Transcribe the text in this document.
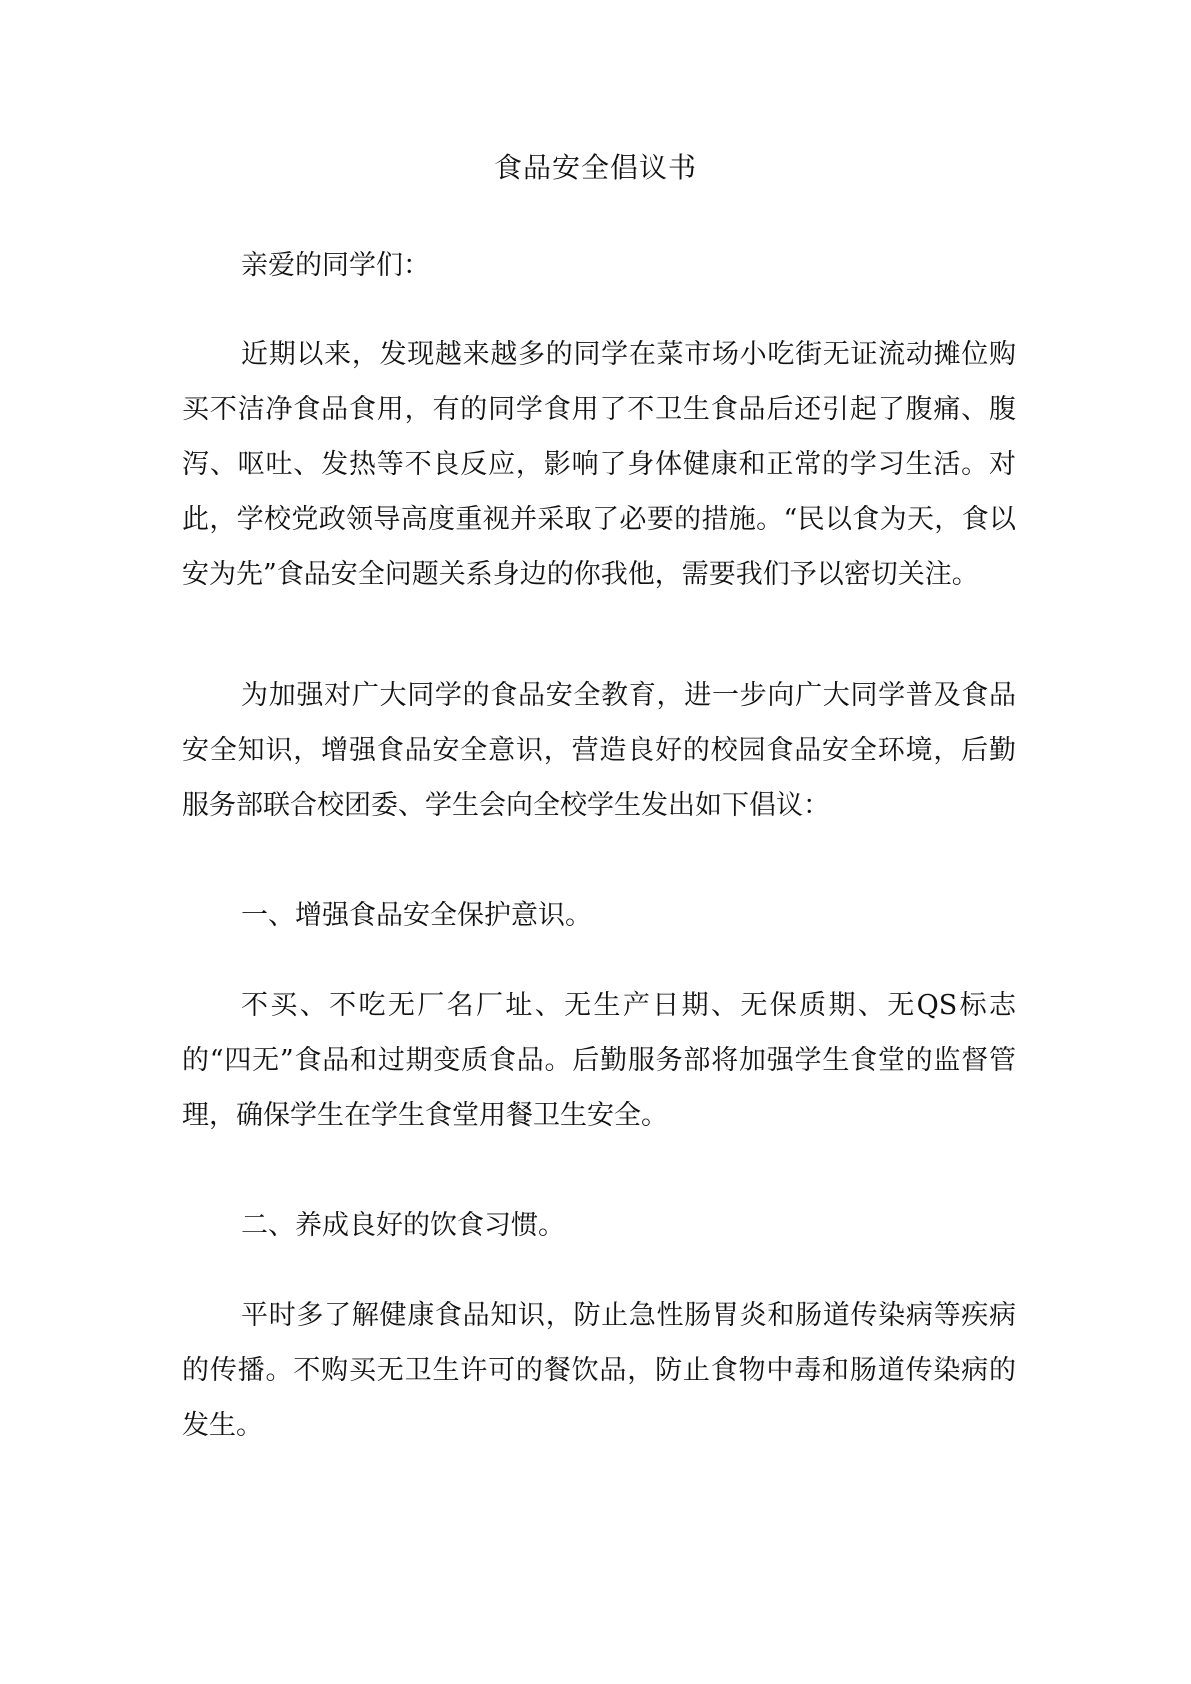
食品安全倡议书

亲爱的同学们：

近期以来，发现越来越多的同学在菜市场小吃街无证流动摊位购买不洁净食品食用，有的同学食用了不卫生食品后还引起了腹痛、腹泻、呕吐、发热等不良反应，影响了身体健康和正常的学习生活。对此，学校党政领导高度重视并采取了必要的措施。“民以食为天，食以安为先”食品安全问题关系身边的你我他，需要我们予以密切关注。

为加强对广大同学的食品安全教育，进一步向广大同学普及食品安全知识，增强食品安全意识，营造良好的校园食品安全环境，后勤服务部联合校团委、学生会向全校学生发出如下倡议：

一、增强食品安全保护意识。

不买、不吃无厂名厂址、无生产日期、无保质期、无QS标志的“四无”食品和过期变质食品。后勤服务部将加强学生食堂的监督管理，确保学生在学生食堂用餐卫生安全。

二、养成良好的饮食习惯。

平时多了解健康食品知识，防止急性肠胃炎和肠道传染病等疾病的传播。不购买无卫生许可的餐饮品，防止食物中毒和肠道传染病的发生。
